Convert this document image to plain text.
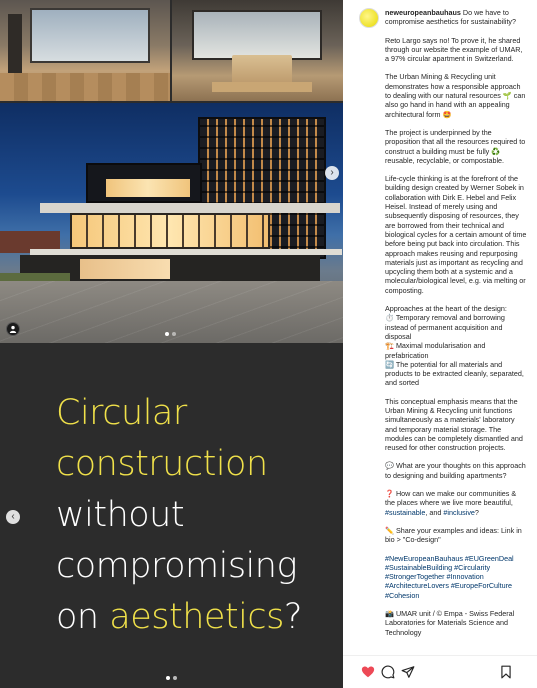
›
Circular
construction
without
compromising
on aesthetics?
‹

neweuropeanbauhaus Do we have to compromise aesthetics for sustainability?

Reto Largo says no! To prove it, he shared through our website the example of UMAR, a 97% circular apartment in Switzerland.

The Urban Mining & Recycling unit demonstrates how a responsible approach to dealing with our natural resources 🌱 can also go hand in hand with an appealing architectural form 🤩

The project is underpinned by the proposition that all the resources required to construct a building must be fully ♻️ reusable, recyclable, or compostable.

Life-cycle thinking is at the forefront of the building design created by Werner Sobek in collaboration with Dirk E. Hebel and Felix Heisel. Instead of merely using and subsequently disposing of resources, they are borrowed from their technical and biological cycles for a certain amount of time before being put back into circulation. This approach makes reusing and repurposing materials just as important as recycling and upcycling them both at a systemic and a molecular/biological level, e.g. via melting or composting.

Approaches at the heart of the design:
⏱️ Temporary removal and borrowing instead of permanent acquisition and disposal
🏗️ Maximal modularisation and prefabrication
🔄 The potential for all materials and products to be extracted cleanly, separated, and sorted

This conceptual emphasis means that the Urban Mining & Recycling unit functions simultaneously as a materials' laboratory and temporary material storage. The modules can be completely dismantled and reused for other construction projects.

💬 What are your thoughts on this approach to designing and building apartments?

❓ How can we make our communities & the places where we live more beautiful, #sustainable, and #inclusive?

✏️ Share your examples and ideas: Link in bio > "Co-design"

#NewEuropeanBauhaus #EUGreenDeal #SustainableBuilding #Circularity #StrongerTogether #Innovation #ArchitectureLovers #EuropeForCulture #Cohesion

📸 UMAR unit / © Empa - Swiss Federal Laboratories for Materials Science and Technology
